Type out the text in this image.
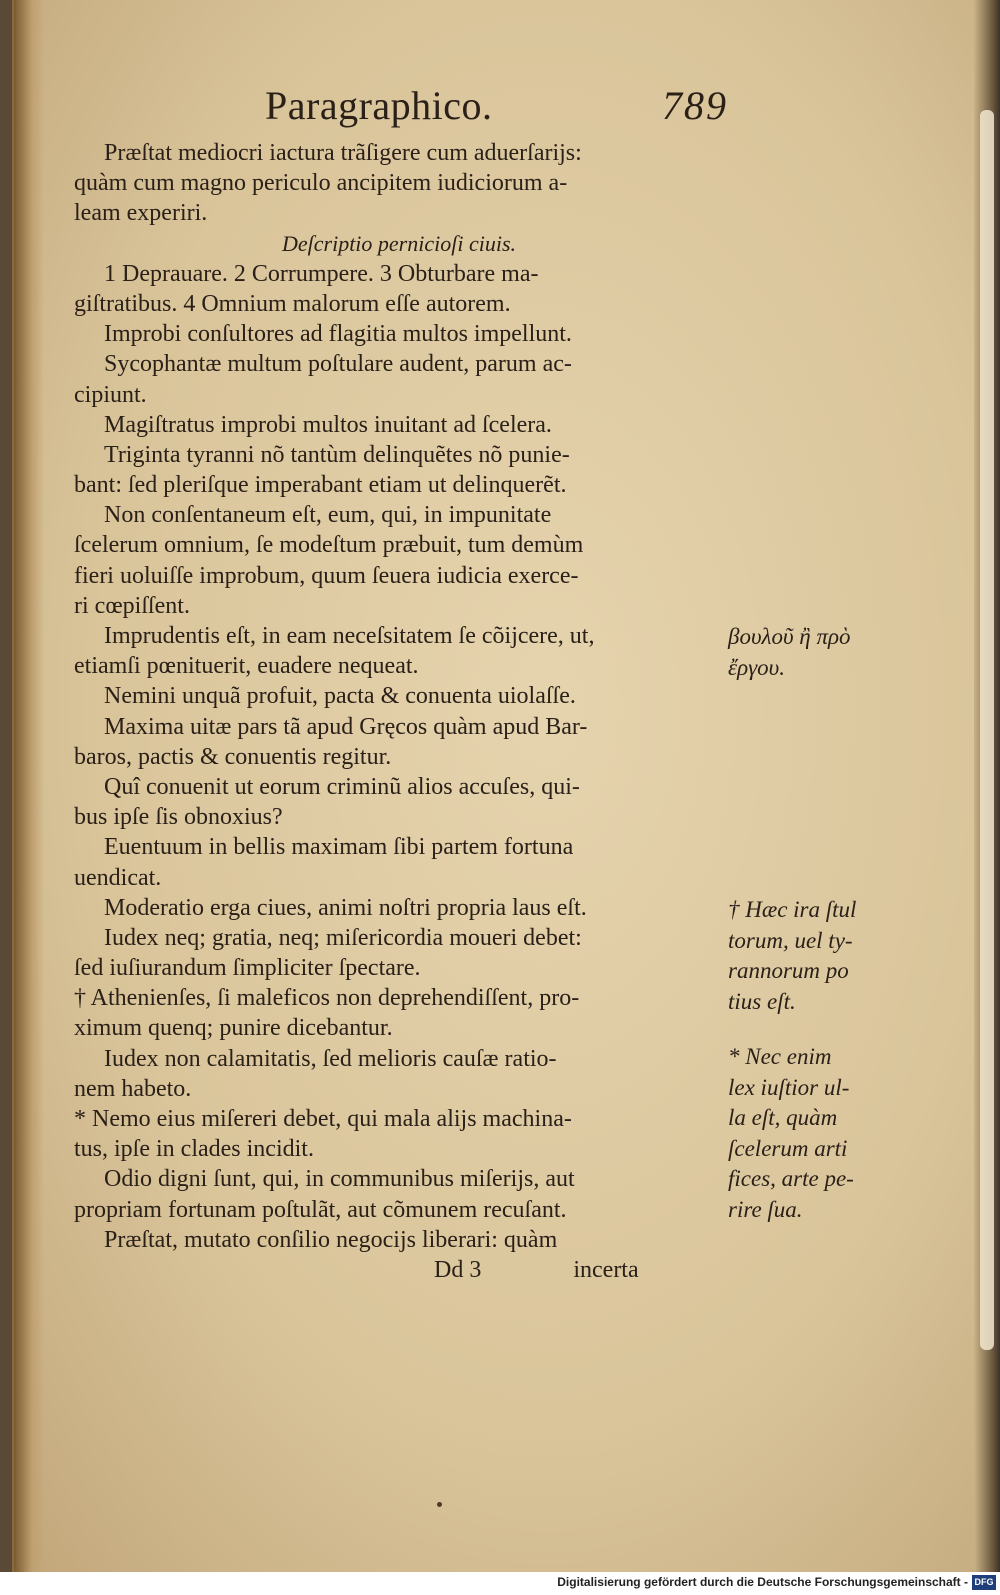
Paragraphico.	789
Præſtat mediocri iactura trãſigere cum aduerſarijs:
quàm cum magno periculo ancipitem iudiciorum a-
leam experiri.
Deſcriptio pernicioſi ciuis.
1 Deprauare. 2 Corrumpere. 3 Obturbare ma-
giſtratibus. 4 Omnium malorum eſſe autorem.
Improbi conſultores ad flagitia multos impellunt.
Sycophantæ multum poſtulare audent, parum ac-
cipiunt.
Magiſtratus improbi multos inuitant ad ſcelera.
Triginta tyranni nõ tantùm delinquẽtes nõ punie-
bant: ſed pleriſque imperabant etiam ut delinquerẽt.
Non conſentaneum eſt, eum, qui, in impunitate
ſcelerum omnium, ſe modeſtum præbuit, tum demùm
fieri uoluiſſe improbum, quum ſeuera iudicia exerce-
ri cœpiſſent.
Imprudentis eſt, in eam neceſsitatem ſe cõijcere, ut,
etiamſi pœnituerit, euadere nequeat.
Nemini unquã profuit, pacta & conuenta uiolaſſe.
Maxima uitæ pars tã apud Gręcos quàm apud Bar-
baros, pactis & conuentis regitur.
Quî conuenit ut eorum criminũ alios accuſes, qui-
bus ipſe ſis obnoxius?
Euentuum in bellis maximam ſibi partem fortuna
uendicat.
Moderatio erga ciues, animi noſtri propria laus eſt.
Iudex neq; gratia, neq; miſericordia moueri debet:
ſed iuſiurandum ſimpliciter ſpectare.
† Athenienſes, ſi maleficos non deprehendiſſent, pro-
ximum quenq; punire dicebantur.
Iudex non calamitatis, ſed melioris cauſæ ratio-
nem habeto.
* Nemo eius miſereri debet, qui mala alijs machina-
tus, ipſe in clades incidit.
Odio digni ſunt, qui, in communibus miſerijs, aut
propriam fortunam poſtulãt, aut cõmunem recuſant.
Præſtat, mutato conſilio negocijs liberari: quàm
Dd 3	incerta
βουλοῦ ἢ πρὸ
ἔργου.
† Hæc ira ſtul
torum, uel ty-
rannorum po
tius eſt.
* Nec enim
lex iuſtior ul-
la eſt, quàm
ſcelerum arti
fices, arte pe-
rire ſua.
Digitalisierung gefördert durch die Deutsche Forschungsgemeinschaft - DFG
